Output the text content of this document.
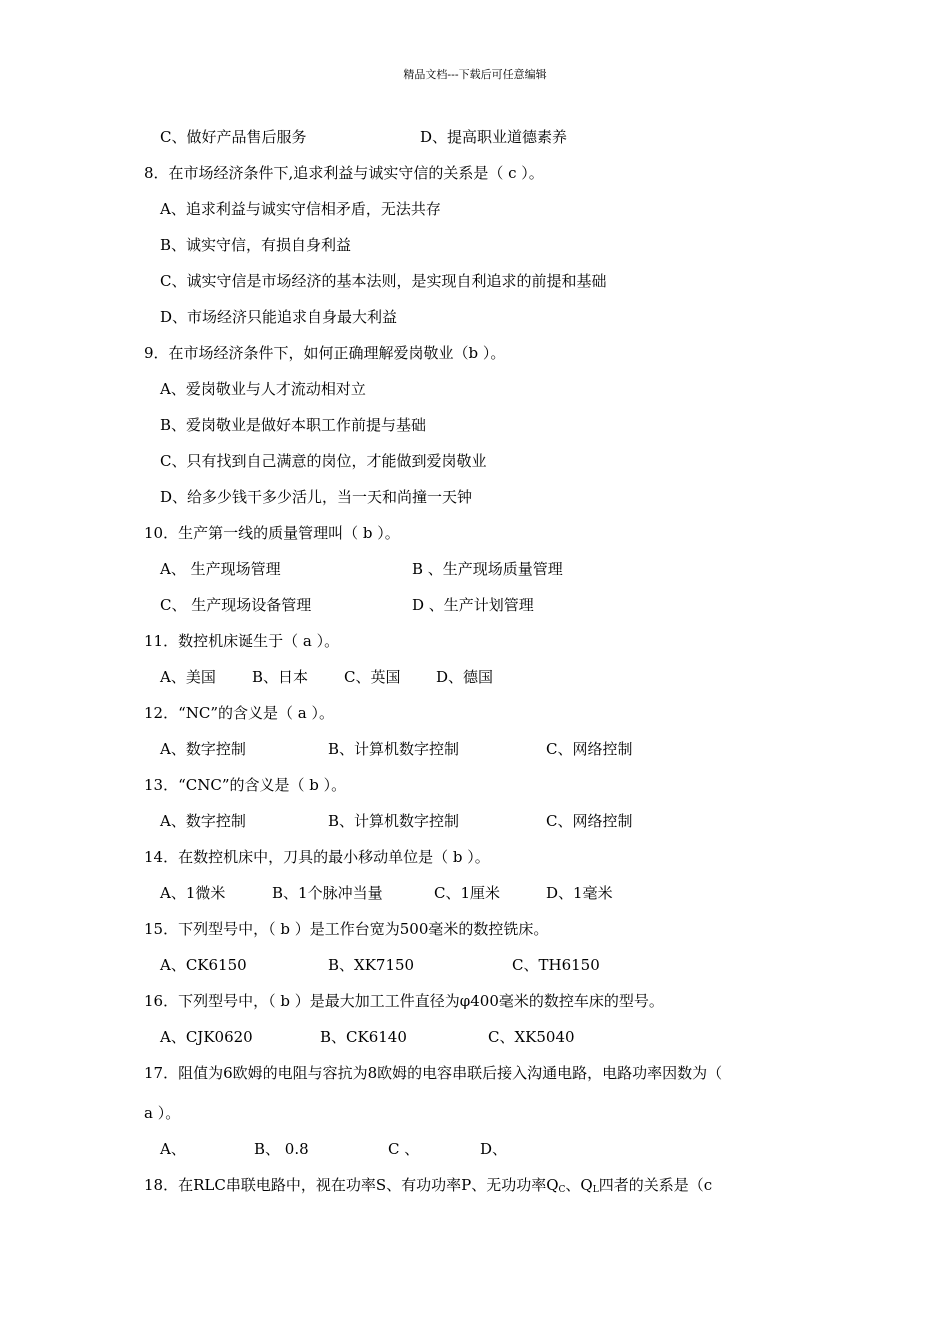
精品文档---下载后可任意编辑
C、做好产品售后服务	D、提高职业道德素养
8．在市场经济条件下,追求利益与诚实守信的关系是（ c ）。
A、追求利益与诚实守信相矛盾，无法共存
B、诚实守信，有损自身利益
C、诚实守信是市场经济的基本法则，是实现自利追求的前提和基础
D、市场经济只能追求自身最大利益
9．在市场经济条件下，如何正确理解爱岗敬业（b ）。
A、爱岗敬业与人才流动相对立
B、爱岗敬业是做好本职工作前提与基础
C、只有找到自己满意的岗位，才能做到爱岗敬业
D、给多少钱干多少活儿，当一天和尚撞一天钟
10．生产第一线的质量管理叫（ b ）。
A、 生产现场管理	B 、生产现场质量管理
C、 生产现场设备管理	D 、生产计划管理
11．数控机床诞生于（ a ）。
A、美国 B、日本 C、英国 D、德国
12．“NC”的含义是（ a ）。
A、数字控制	B、计算机数字控制	C、网络控制
13．“CNC”的含义是（ b ）。
A、数字控制	B、计算机数字控制	C、网络控制
14．在数控机床中，刀具的最小移动单位是（ b ）。
A、1微米	B、1个脉冲当量	C、1厘米	D、1毫米
15．下列型号中，（ b ）是工作台宽为500毫米的数控铣床。
A、CK6150	B、XK7150	C、TH6150
16．下列型号中，（ b ）是最大加工工件直径为φ400毫米的数控车床的型号。
A、CJK0620	B、CK6140	C、XK5040
17．阻值为6欧姆的电阻与容抗为8欧姆的电容串联后接入沟通电路，电路功率因数为（
a ）。
A、	B、 0.8	C 、	D、
18．在RLC串联电路中，视在功率S、有功功率P、无功功率$Q_C$、$Q_L$四者的关系是（c
